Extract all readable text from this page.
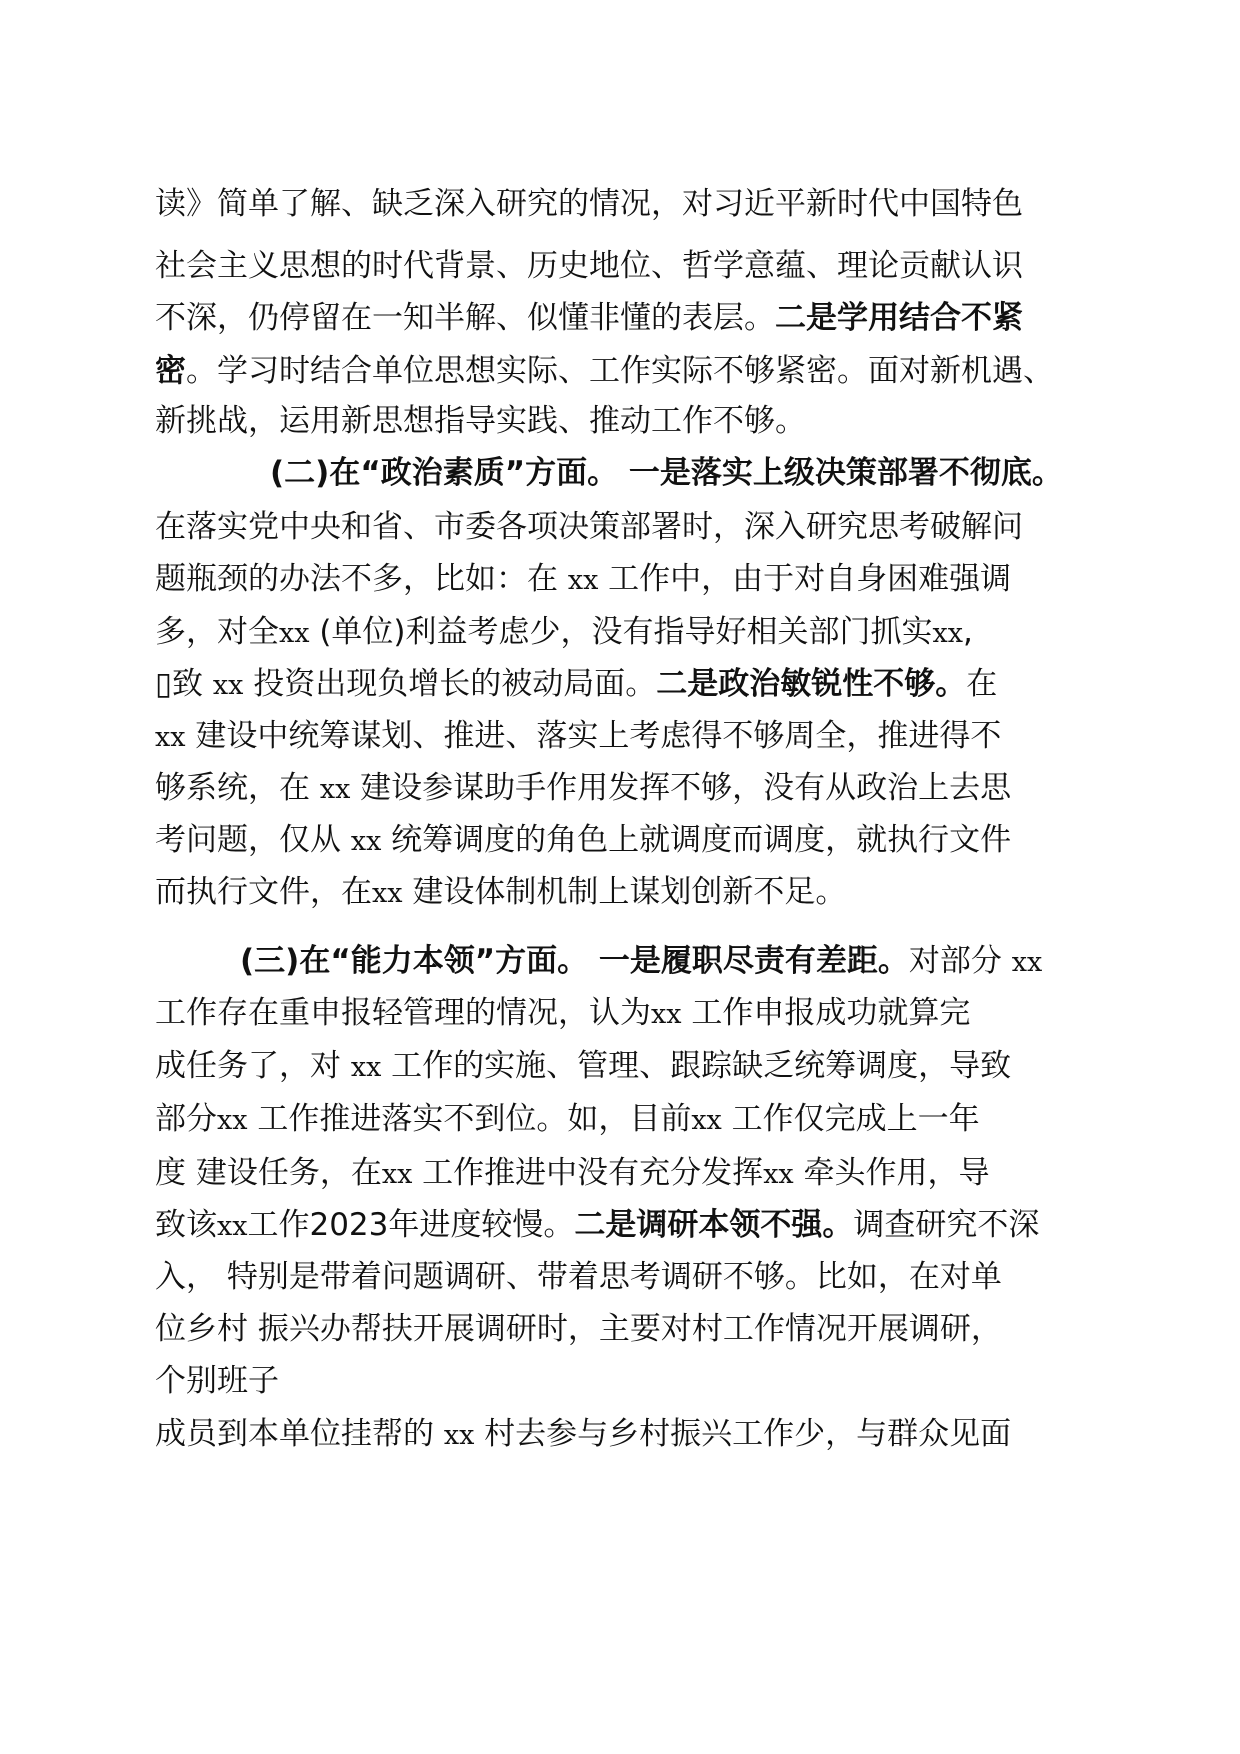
读》简单了解、缺乏深入研究的情况，对习近平新时代中国特色
社会主义思想的时代背景、历史地位、哲学意蕴、理论贡献认识
不深，仍停留在一知半解、似懂非懂的表层。二是学用结合不紧
密。学习时结合单位思想实际、工作实际不够紧密。面对新机遇、
新挑战，运用新思想指导实践、推动工作不够。
(二)在“政治素质”方面。 一是落实上级决策部署不彻底。
在落实党中央和省、市委各项决策部署时，深入研究思考破解问
题瓶颈的办法不多，比如：在 xx 工作中，由于对自身困难强调
多，对全xx (单位)利益考虑少，没有指导好相关部门抓实xx,
▯致 xx 投资出现负增长的被动局面。二是政治敏锐性不够。在
xx 建设中统筹谋划、推进、落实上考虑得不够周全，推进得不
够系统，在 xx 建设参谋助手作用发挥不够，没有从政治上去思
考问题，仅从 xx 统筹调度的角色上就调度而调度，就执行文件
而执行文件，在xx 建设体制机制上谋划创新不足。
(三)在“能力本领”方面。 一是履职尽责有差距。对部分 xx
工作存在重申报轻管理的情况，认为xx 工作申报成功就算完
成任务了，对 xx 工作的实施、管理、跟踪缺乏统筹调度，导致
部分xx 工作推进落实不到位。如，目前xx 工作仅完成上一年
度 建设任务，在xx 工作推进中没有充分发挥xx 牵头作用，导
致该xx工作2023年进度较慢。二是调研本领不强。调查研究不深
入， 特别是带着问题调研、带着思考调研不够。比如，在对单
位乡村 振兴办帮扶开展调研时，主要对村工作情况开展调研，
个别班子
成员到本单位挂帮的 xx 村去参与乡村振兴工作少，与群众见面
